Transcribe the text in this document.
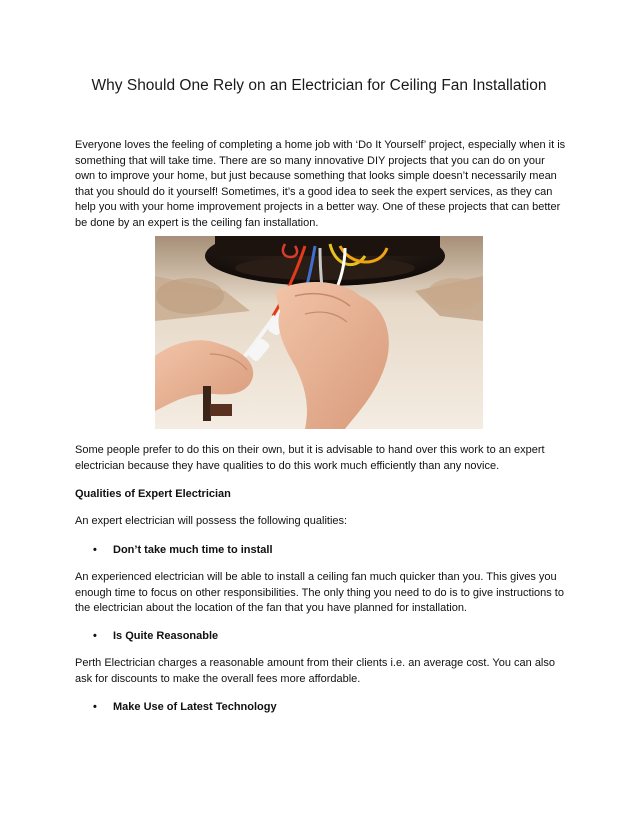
Why Should One Rely on an Electrician for Ceiling Fan Installation

Everyone loves the feeling of completing a home job with ‘Do It Yourself’ project, especially when it is something that will take time. There are so many innovative DIY projects that you can do on your own to improve your home, but just because something that looks simple doesn’t necessarily mean that you should do it yourself! Sometimes, it’s a good idea to seek the expert services, as they can help you with your home improvement projects in a better way. One of these projects that can better be done by an expert is the ceiling fan installation.

Some people prefer to do this on their own, but it is advisable to hand over this work to an expert electrician because they have qualities to do this work much efficiently than any novice.

Qualities of Expert Electrician

An expert electrician will possess the following qualities:

• Don’t take much time to install

An experienced electrician will be able to install a ceiling fan much quicker than you. This gives you enough time to focus on other responsibilities. The only thing you need to do is to give instructions to the electrician about the location of the fan that you have planned for installation.

• Is Quite Reasonable

Perth Electrician charges a reasonable amount from their clients i.e. an average cost. You can also ask for discounts to make the overall fees more affordable.

• Make Use of Latest Technology
